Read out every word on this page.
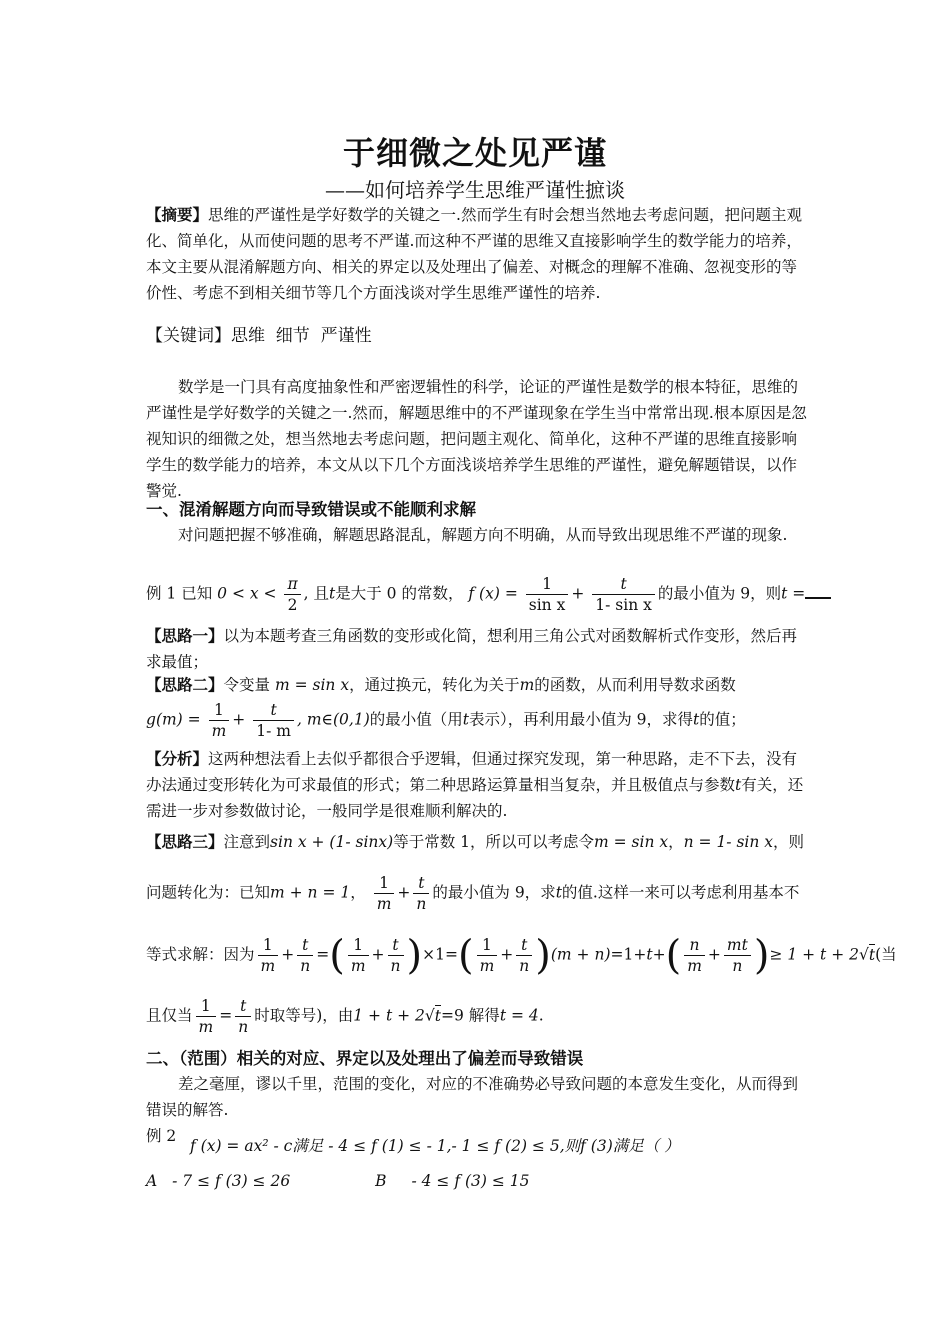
于细微之处见严谨
——如何培养学生思维严谨性摭谈
【摘要】思维的严谨性是学好数学的关键之一.然而学生有时会想当然地去考虑问题，把问题主观化、简单化，从而使问题的思考不严谨.而这种不严谨的思维又直接影响学生的数学能力的培养，本文主要从混淆解题方向、相关的界定以及处理出了偏差、对概念的理解不准确、忽视变形的等价性、考虑不到相关细节等几个方面浅谈对学生思维严谨性的培养.
【关键词】思维  细节  严谨性
数学是一门具有高度抽象性和严密逻辑性的科学，论证的严谨性是数学的根本特征，思维的严谨性是学好数学的关键之一.然而，解题思维中的不严谨现象在学生当中常常出现.根本原因是忽视知识的细微之处，想当然地去考虑问题，把问题主观化、简单化，这种不严谨的思维直接影响学生的数学能力的培养，本文从以下几个方面浅谈培养学生思维的严谨性，避免解题错误，以作警觉.
一、混淆解题方向而导致错误或不能顺利求解
对问题把握不够准确，解题思路混乱，解题方向不明确，从而导致出现思维不严谨的现象.
例 1 已知 $0 < x < \frac{\pi}{2}$ , 且t是大于 0 的常数， f $(x) = \frac{1}{\text{sin x}} + \frac{t}{\text{1- sin x}}$ 的最小值为 9，则t =
【思路一】以为本题考查三角函数的变形或化简，想利用三角公式对函数解析式作变形，然后再求最值；
【思路二】令变量 m = sin x，通过换元，转化为关于m的函数，从而利用导数求函数
$g(m) = \frac{1}{m} + \frac{t}{1- m}$ , m∈(0,1)的最小值（用t表示），再利用最小值为 9，求得t的值；
【分析】这两种想法看上去似乎都很合乎逻辑，但通过探究发现，第一种思路，走不下去，没有办法通过变形转化为可求最值的形式；第二种思路运算量相当复杂，并且极值点与参数t有关，还需进一步对参数做讨论，一般同学是很难顺利解决的.
【思路三】注意到sin x + (1- sinx)等于常数 1，所以可以考虑令m = sin x，n = 1- sin x，则
问题转化为：已知m + n = 1， $\frac{1}{m} + \frac{t}{n}$ 的最小值为 9，求t的值.这样一来可以考虑利用基本不
等式求解：因为 $\frac{1}{m} + \frac{t}{n}$ =( $\frac{1}{m} + \frac{t}{n} )\times 1=( \frac{1}{m} + \frac{t}{n} )(m + n)=1+t+( \frac{n}{m} + \frac{mt}{n}$ )≥ 1 + t + 2√t(当
且仅当 $\frac{1}{m} = \frac{t}{n}$ 时取等号)，由1 + t + 2√t=9 解得t = 4.
二、（范围）相关的对应、界定以及处理出了偏差而导致错误
差之毫厘，谬以千里，范围的变化，对应的不准确势必导致问题的本意发生变化，从而得到错误的解答.
例 2
f (x) = ax² - c满足 - 4 ≤ f (1) ≤ - 1,- 1 ≤ f (2) ≤ 5,则f (3)满足（ ）
A - 7 ≤ f (3) ≤ 26	B - 4 ≤ f (3) ≤ 15
